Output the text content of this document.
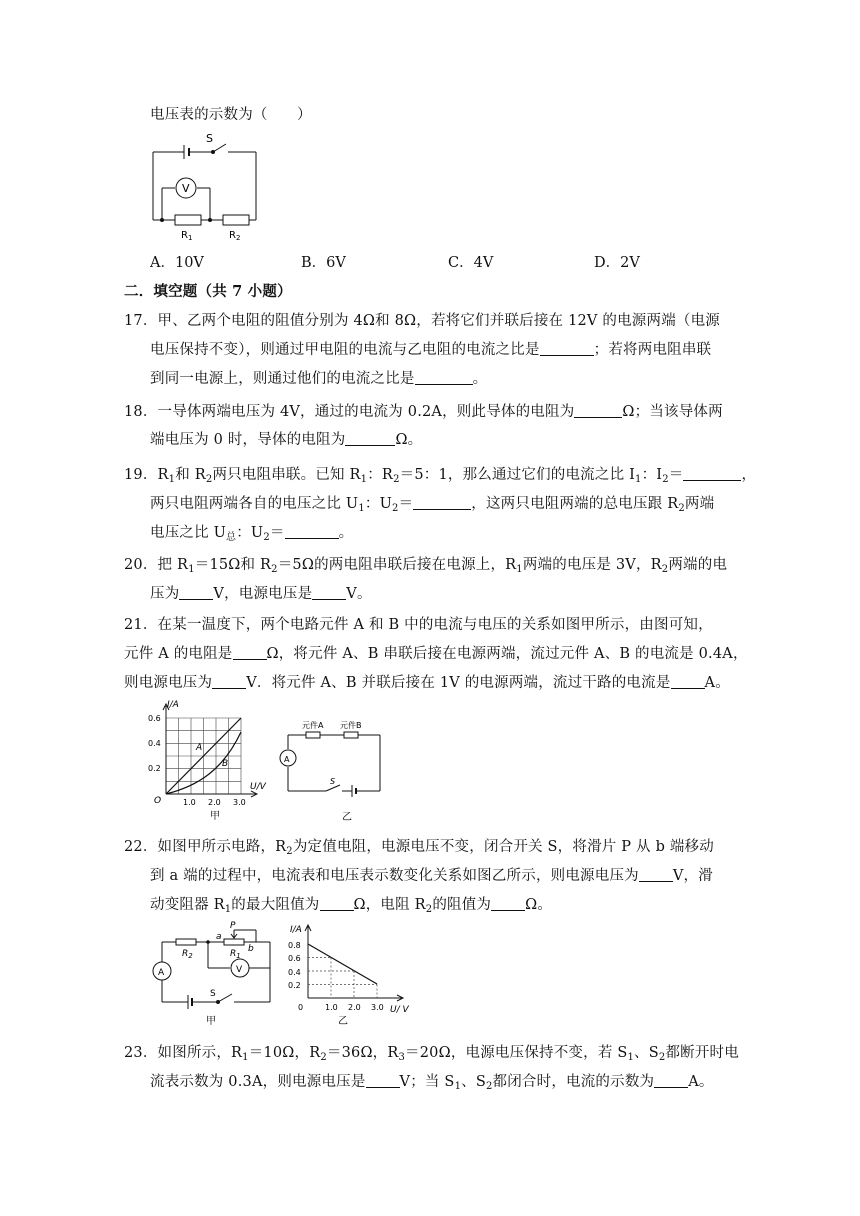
电压表的示数为（　　）
S
V
$R_1$	$R_2$
A．10V	B．6V	C．4V	D．2V
二．填空题（共 7 小题）
17．甲、乙两个电阻的阻值分别为 4Ω和 8Ω，若将它们并联后接在 12V 的电源两端（电源
电压保持不变），则通过甲电阻的电流与乙电阻的电流之比是	；若将两电阻串联
到同一电源上，则通过他们的电流之比是	。
18．一导体两端电压为 4V，通过的电流为 0.2A，则此导体的电阻为	Ω；当该导体两
端电压为 0 时，导体的电阻为	Ω。
19．$R_1$和 $R_2$两只电阻串联。已知 $R_1$：$R_2=5$：1，那么通过它们的电流之比 $I_1$：$I_2=$	，
两只电阻两端各自的电压之比 $U_1$：$U_2=$	，这两只电阻两端的总电压跟 $R_2$两端
电压之比 $U_总$：$U_2=$	。
20．把 $R_1=15\Omega$和 $R_2=5\Omega$的两电阻串联后接在电源上，$R_1$两端的电压是 3V，$R_2$两端的电
压为 V，电源电压是 V。
21．在某一温度下，两个电路元件 A 和 B 中的电流与电压的关系如图甲所示，由图可知，
元件 A 的电阻是 Ω，将元件 A、B 串联后接在电源两端，流过元件 A、B 的电流是 0.4A，
则电源电压为 V．将元件 A、B 并联后接在 1V 的电源两端，流过干路的电流是 A。
I/A
U/V
O
0.6
0.4
0.2
1.0 2.0 3.0
A
B
甲
元件A 元件B
A
S
乙
22．如图甲所示电路，$R_2$为定值电阻，电源电压不变，闭合开关 S，将滑片 P 从 b 端移动
到 a 端的过程中，电流表和电压表示数变化关系如图乙所示，则电源电压为 V，滑
动变阻器 $R_1$的最大阻值为 Ω，电阻 $R_2$的阻值为 Ω。
$R_2$	$R_1$
P
a
b
A	V
S
甲
I/A
U/ V
0.8
0.6
0.4
0.2
0	1.0 2.0 3.0
乙
23．如图所示，$R_1=10\Omega$，$R_2=36\Omega$，$R_3=20\Omega$，电源电压保持不变，若 $S_1$、$S_2$都断开时电
流表示数为 0.3A，则电源电压是 V；当 $S_1$、$S_2$都闭合时，电流的示数为 A。
